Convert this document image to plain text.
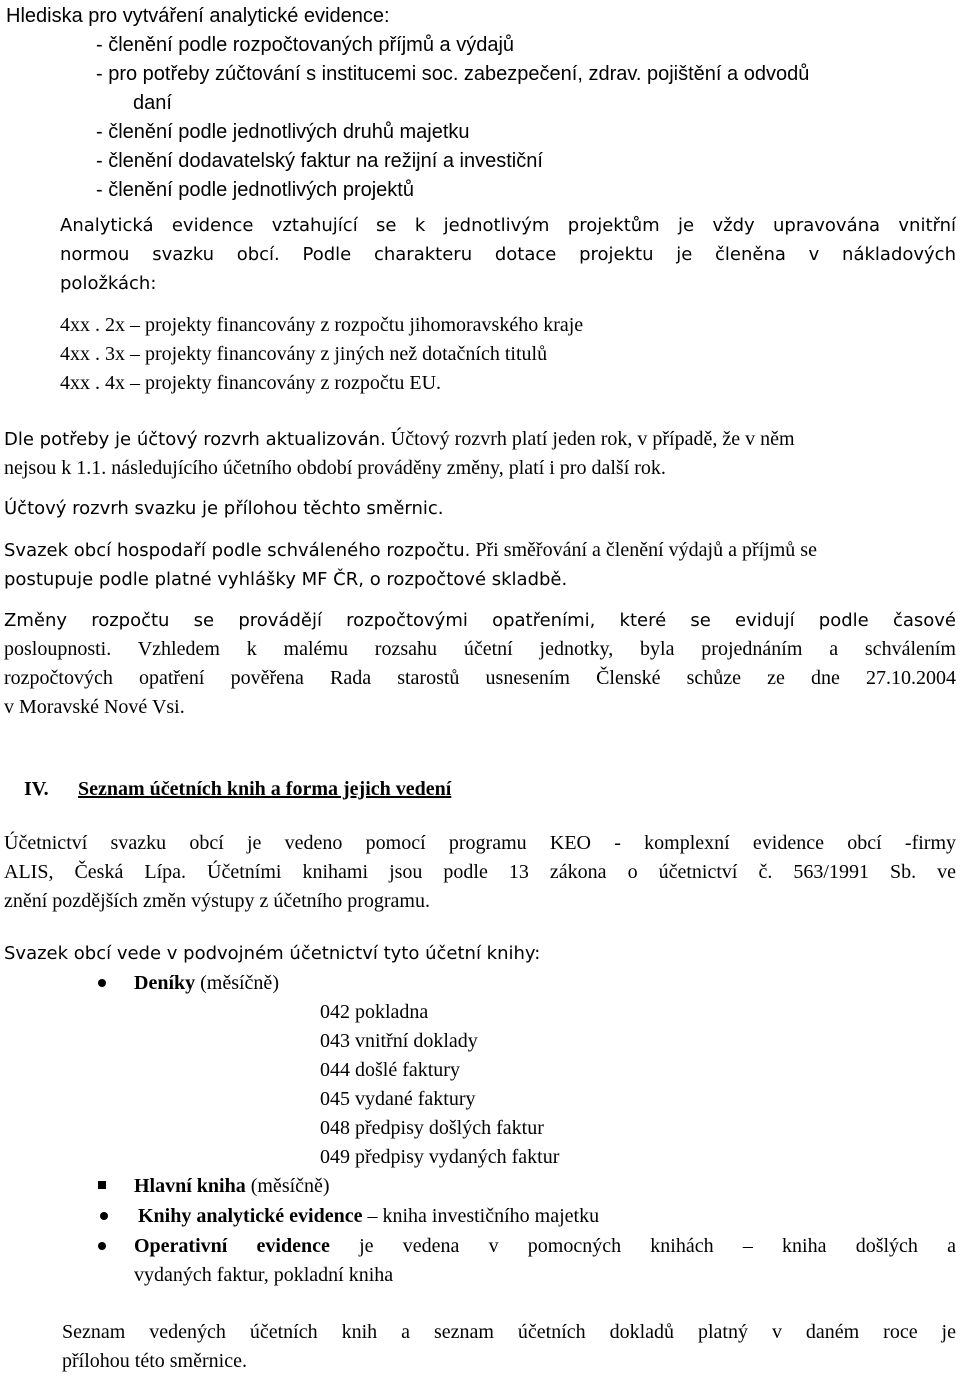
Hlediska pro vytváření analytické evidence:
- členění podle rozpočtovaných příjmů a výdajů
- pro potřeby zúčtování s institucemi soc. zabezpečení, zdrav. pojištění a odvodů
daní
- členění podle jednotlivých druhů majetku
- členění dodavatelský faktur na režijní a investiční
- členění podle jednotlivých projektů
Analytická evidence vztahující se k jednotlivým projektům je vždy upravována vnitřní
normou svazku obcí. Podle charakteru dotace projektu je členěna v nákladových
položkách:
4xx . 2x – projekty financovány z rozpočtu jihomoravského kraje
4xx . 3x – projekty financovány z jiných než dotačních titulů
4xx . 4x – projekty financovány z rozpočtu EU.
Dle potřeby je účtový rozvrh aktualizován. Účtový rozvrh platí jeden rok, v případě, že v něm
nejsou k 1.1. následujícího účetního období prováděny změny, platí i pro další rok.
Účtový rozvrh svazku je přílohou těchto směrnic.
Svazek obcí hospodaří podle schváleného rozpočtu. Při směřování a členění výdajů a příjmů se
postupuje podle platné vyhlášky MF ČR, o rozpočtové skladbě.
Změny rozpočtu se provádějí rozpočtovými opatřeními, které se evidují podle časové
posloupnosti. Vzhledem k malému rozsahu účetní jednotky, byla projednáním a schválením
rozpočtových opatření pověřena Rada starostů usnesením Členské schůze ze dne 27.10.2004
v Moravské Nové Vsi.
IV. Seznam účetních knih a forma jejich vedení
Účetnictví svazku obcí je vedeno pomocí programu KEO - komplexní evidence obcí -firmy
ALIS, Česká Lípa. Účetními knihami jsou podle 13 zákona o účetnictví č. 563/1991 Sb. ve
znění pozdějších změn výstupy z účetního programu.
Svazek obcí vede v podvojném účetnictví tyto účetní knihy:
Deníky (měsíčně)
042 pokladna
043 vnitřní doklady
044 došlé faktury
045 vydané faktury
048 předpisy došlých faktur
049 předpisy vydaných faktur
Hlavní kniha (měsíčně)
Knihy analytické evidence – kniha investičního majetku
Operativní evidence je vedena v pomocných knihách – kniha došlých a
vydaných faktur, pokladní kniha
Seznam vedených účetních knih a seznam účetních dokladů platný v daném roce je
přílohou této směrnice.
